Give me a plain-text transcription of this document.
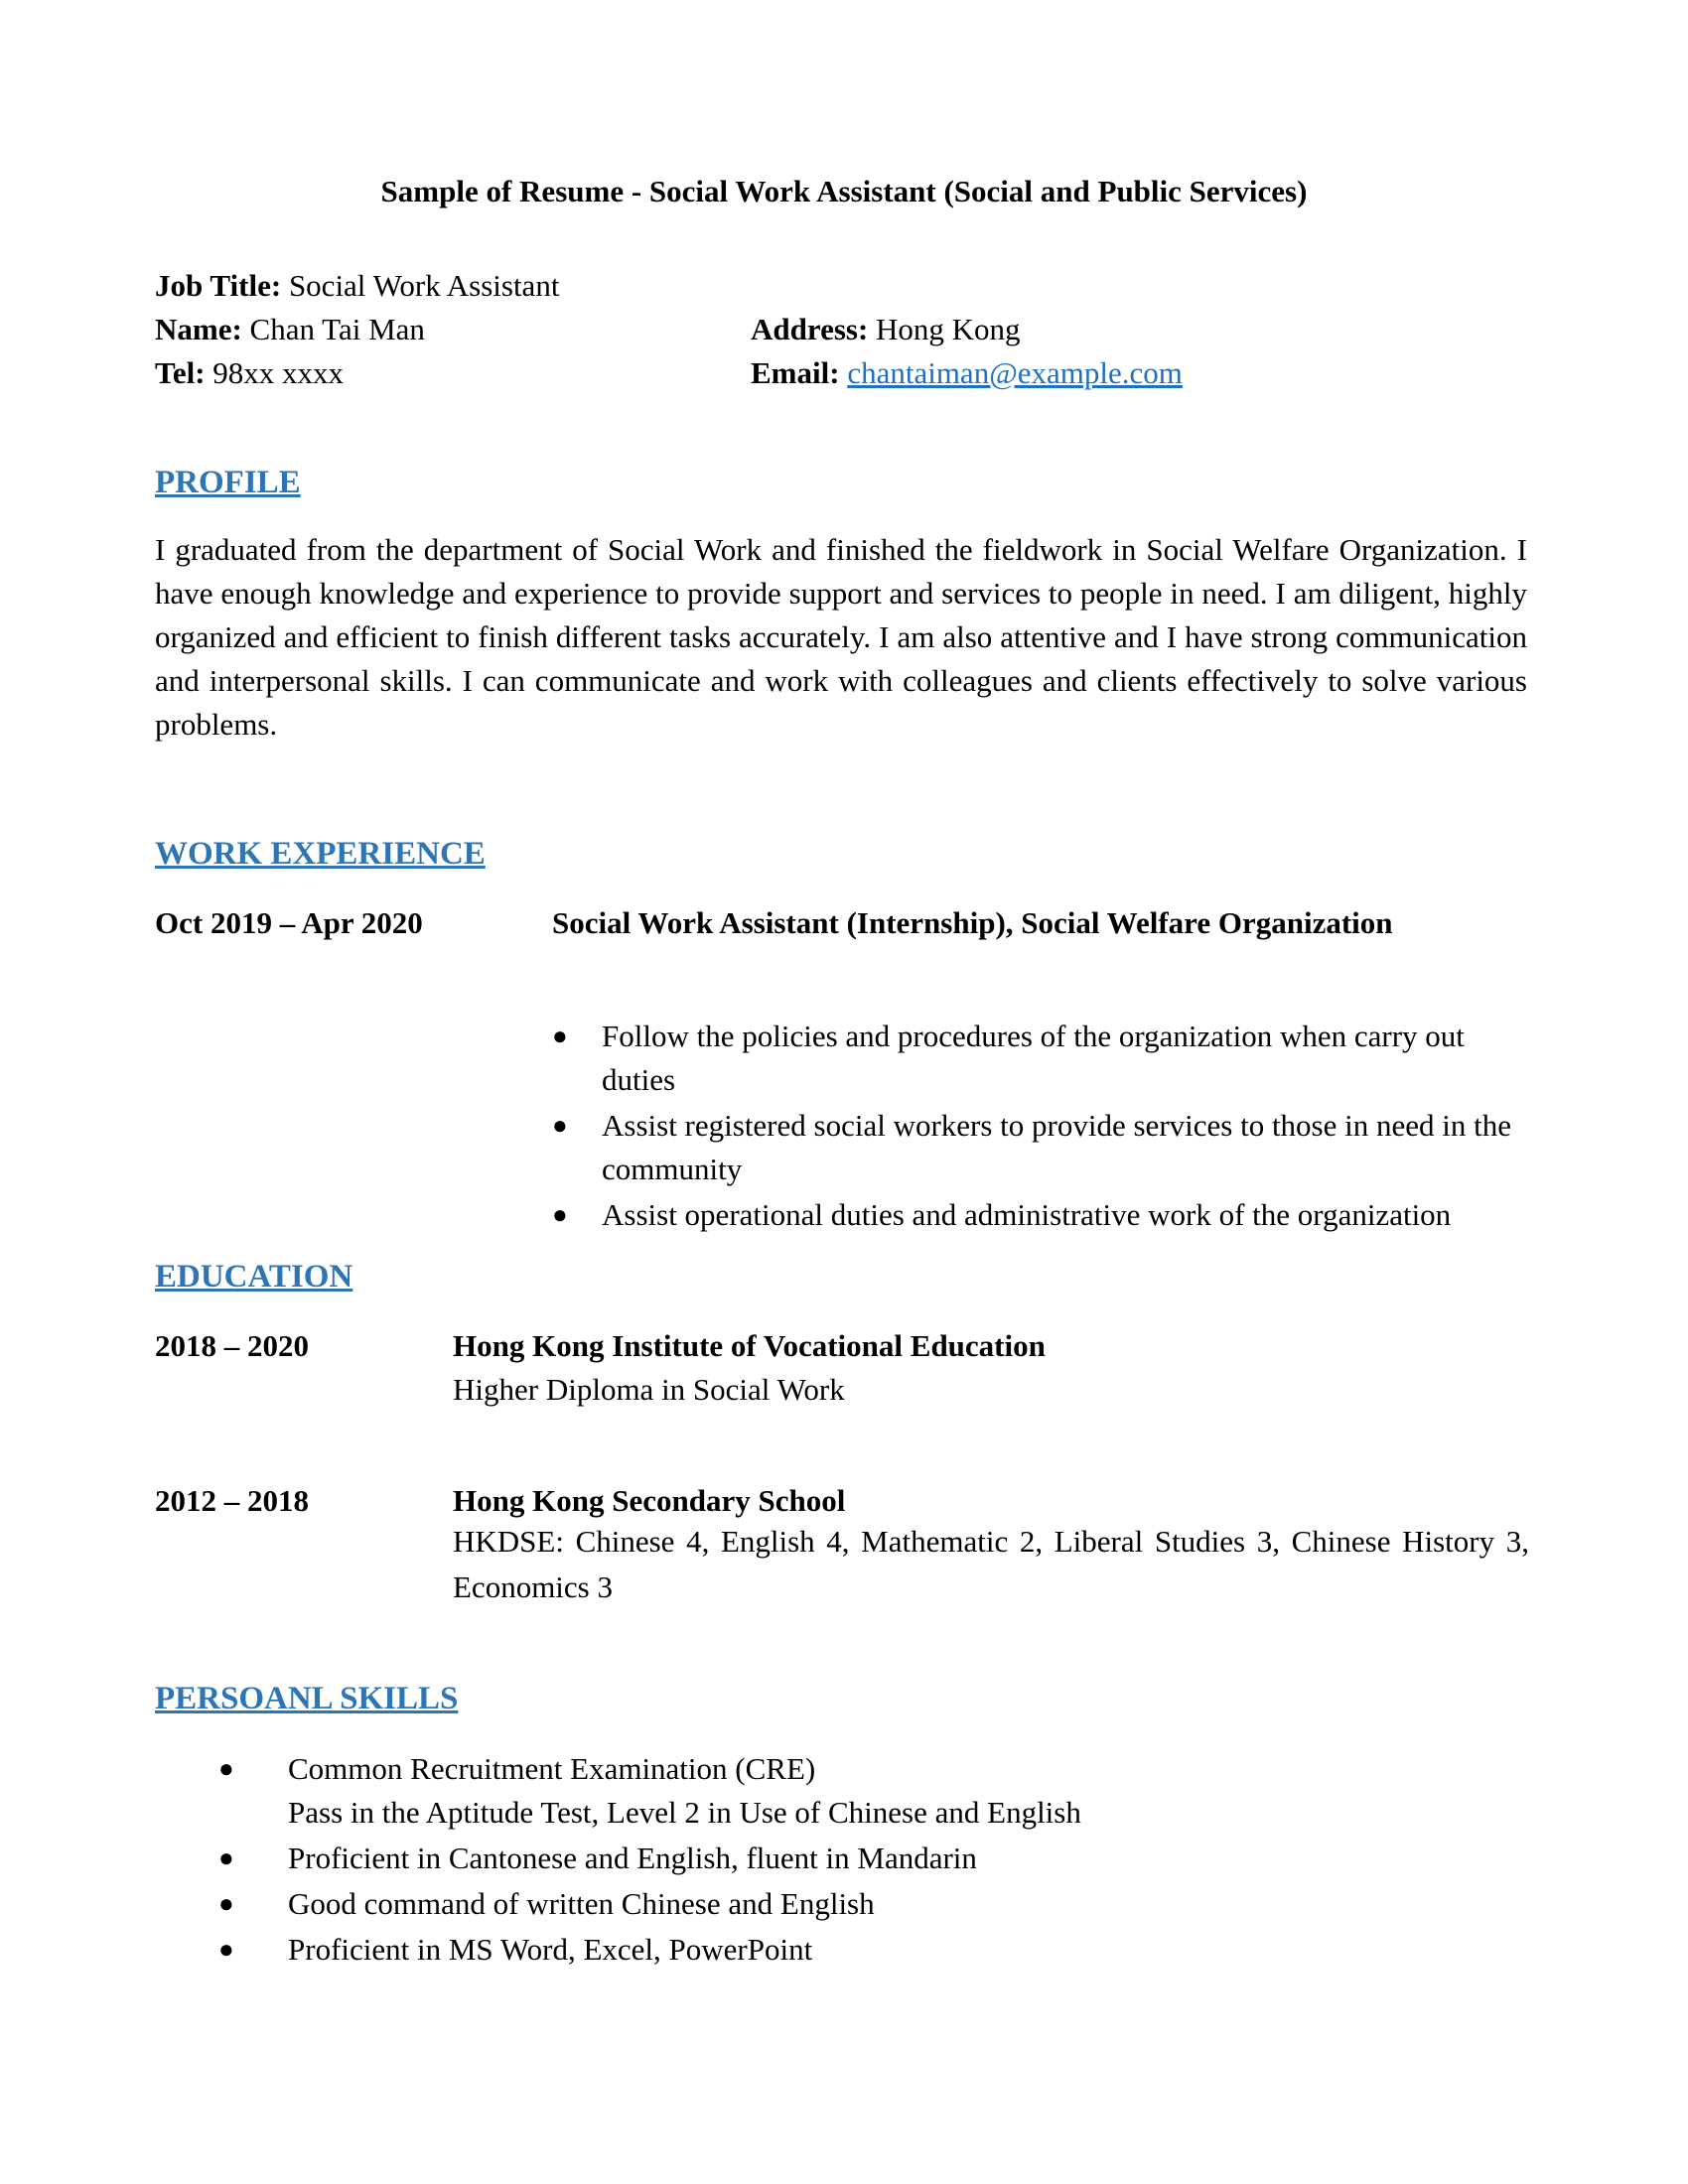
Sample of Resume - Social Work Assistant (Social and Public Services)
Job Title: Social Work Assistant
Name: Chan Tai Man
Tel: 98xx xxxx
Address: Hong Kong
Email: chantaiman@example.com
PROFILE
I graduated from the department of Social Work and finished the fieldwork in Social Welfare Organization. I have enough knowledge and experience to provide support and services to people in need. I am diligent, highly organized and efficient to finish different tasks accurately. I am also attentive and I have strong communication and interpersonal skills. I can communicate and work with colleagues and clients effectively to solve various problems.
WORK EXPERIENCE
Oct 2019 – Apr 2020	Social Work Assistant (Internship), Social Welfare Organization
● Follow the policies and procedures of the organization when carry out duties
● Assist registered social workers to provide services to those in need in the community
● Assist operational duties and administrative work of the organization
EDUCATION
2018 – 2020	Hong Kong Institute of Vocational Education
Higher Diploma in Social Work
2012 – 2018	Hong Kong Secondary School
HKDSE: Chinese 4, English 4, Mathematic 2, Liberal Studies 3, Chinese History 3, Economics 3
PERSOANL SKILLS
● Common Recruitment Examination (CRE)
Pass in the Aptitude Test, Level 2 in Use of Chinese and English
● Proficient in Cantonese and English, fluent in Mandarin
● Good command of written Chinese and English
● Proficient in MS Word, Excel, PowerPoint
